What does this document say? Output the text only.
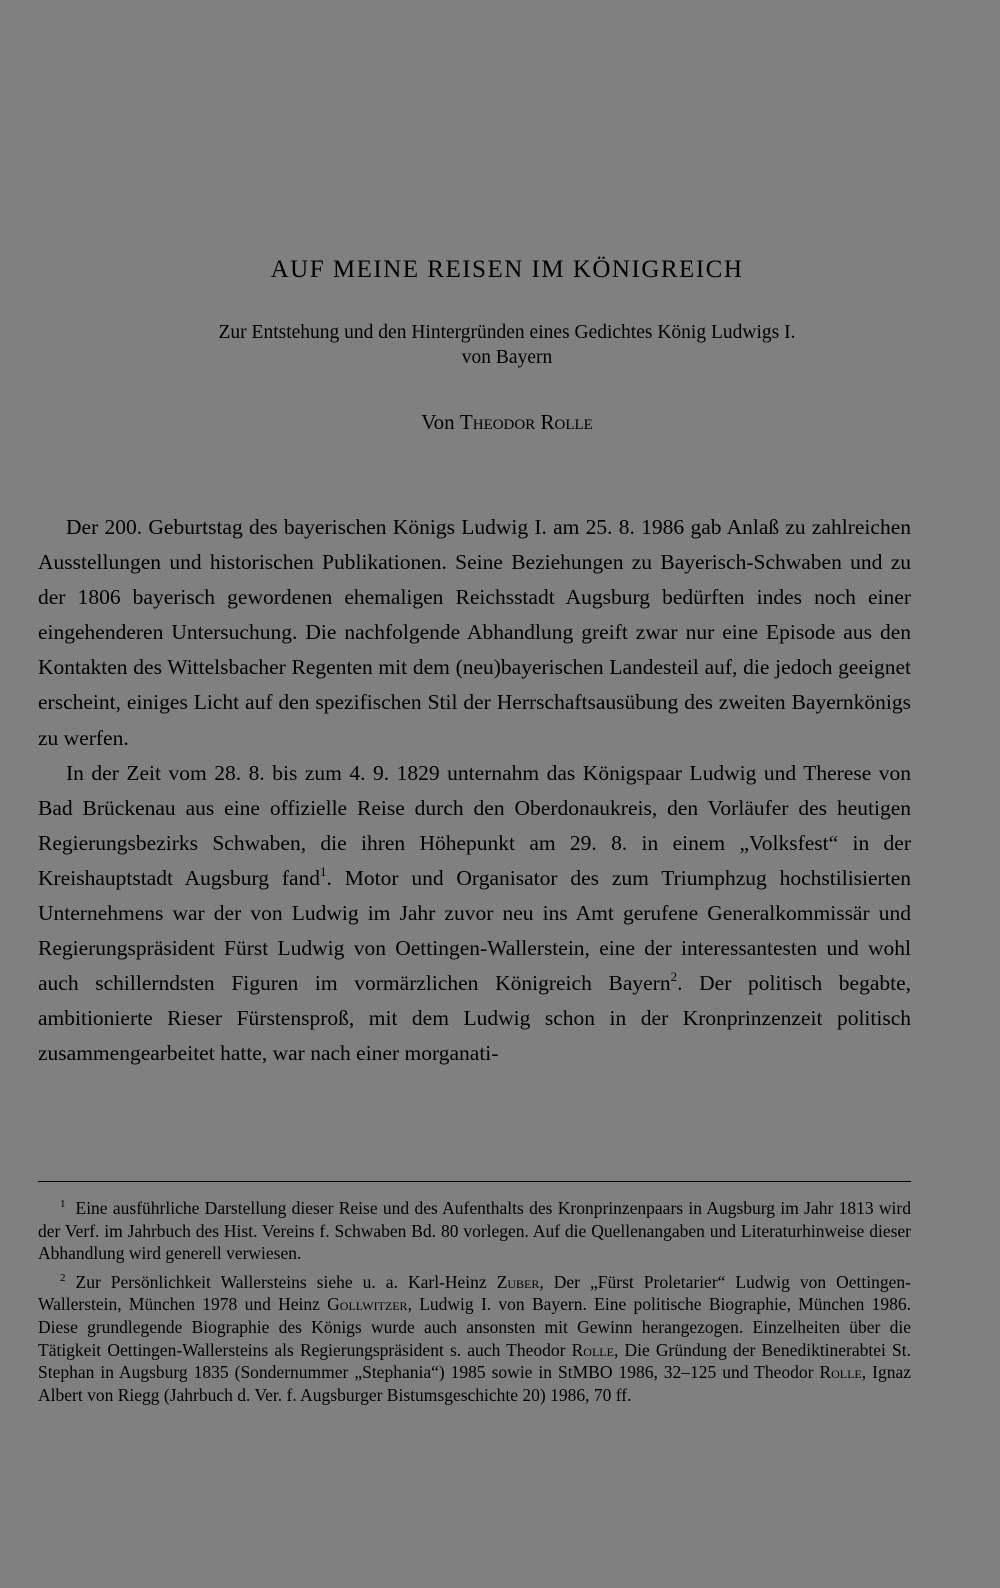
AUF MEINE REISEN IM KÖNIGREICH
Zur Entstehung und den Hintergründen eines Gedichtes König Ludwigs I.
von Bayern
Von Theodor Rolle

Der 200. Geburtstag des bayerischen Königs Ludwig I. am 25. 8. 1986 gab Anlaß zu zahlreichen Ausstellungen und historischen Publikationen. Seine Beziehungen zu Bayerisch-Schwaben und zu der 1806 bayerisch gewordenen ehemaligen Reichsstadt Augsburg bedürften indes noch einer eingehenderen Untersuchung. Die nachfolgende Abhandlung greift zwar nur eine Episode aus den Kontakten des Wittelsbacher Regenten mit dem (neu)bayerischen Landesteil auf, die jedoch geeignet erscheint, einiges Licht auf den spezifischen Stil der Herrschaftsausübung des zweiten Bayernkönigs zu werfen.

In der Zeit vom 28. 8. bis zum 4. 9. 1829 unternahm das Königspaar Ludwig und Therese von Bad Brückenau aus eine offizielle Reise durch den Oberdonaukreis, den Vorläufer des heutigen Regierungsbezirks Schwaben, die ihren Höhepunkt am 29. 8. in einem „Volksfest“ in der Kreishauptstadt Augsburg fand$^1$. Motor und Organisator des zum Triumphzug hochstilisierten Unternehmens war der von Ludwig im Jahr zuvor neu ins Amt gerufene Generalkommissär und Regierungspräsident Fürst Ludwig von Oettingen-Wallerstein, eine der interessantesten und wohl auch schillerndsten Figuren im vormärzlichen Königreich Bayern$^2$. Der politisch begabte, ambitionierte Rieser Fürstensproß, mit dem Ludwig schon in der Kronprinzenzeit politisch zusammengearbeitet hatte, war nach einer morganati-

$^1$ Eine ausführliche Darstellung dieser Reise und des Aufenthalts des Kronprinzenpaars in Augsburg im Jahr 1813 wird der Verf. im Jahrbuch des Hist. Vereins f. Schwaben Bd. 80 vorlegen. Auf die Quellenangaben und Literaturhinweise dieser Abhandlung wird generell verwiesen.

$^2$ Zur Persönlichkeit Wallersteins siehe u. a. Karl-Heinz Zuber, Der „Fürst Proletarier“ Ludwig von Oettingen-Wallerstein, München 1978 und Heinz Gollwitzer, Ludwig I. von Bayern. Eine politische Biographie, München 1986. Diese grundlegende Biographie des Königs wurde auch ansonsten mit Gewinn herangezogen. Einzelheiten über die Tätigkeit Oettingen-Wallersteins als Regierungspräsident s. auch Theodor Rolle, Die Gründung der Benediktinerabtei St. Stephan in Augsburg 1835 (Sondernummer „Stephania“) 1985 sowie in StMBO 1986, 32–125 und Theodor Rolle, Ignaz Albert von Riegg (Jahrbuch d. Ver. f. Augsburger Bistumsgeschichte 20) 1986, 70 ff.
